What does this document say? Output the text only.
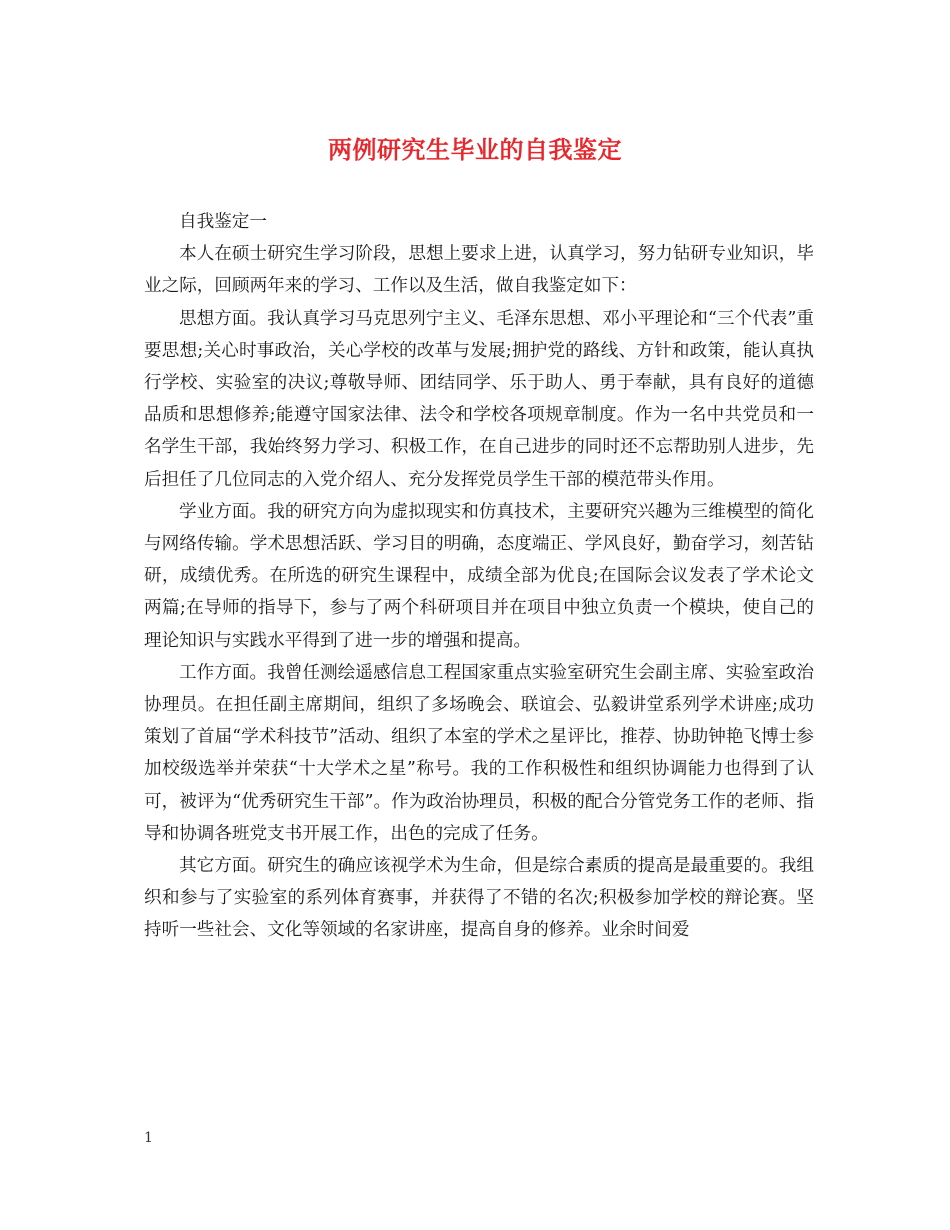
两例研究生毕业的自我鉴定

自我鉴定一

本人在硕士研究生学习阶段，思想上要求上进，认真学习，努力钻研专业知识，毕业之际，回顾两年来的学习、工作以及生活，做自我鉴定如下：

思想方面。我认真学习马克思列宁主义、毛泽东思想、邓小平理论和“三个代表”重要思想;关心时事政治，关心学校的改革与发展;拥护党的路线、方针和政策，能认真执行学校、实验室的决议;尊敬导师、团结同学、乐于助人、勇于奉献，具有良好的道德品质和思想修养;能遵守国家法律、法令和学校各项规章制度。作为一名中共党员和一名学生干部，我始终努力学习、积极工作，在自己进步的同时还不忘帮助别人进步，先后担任了几位同志的入党介绍人、充分发挥党员学生干部的模范带头作用。

学业方面。我的研究方向为虚拟现实和仿真技术，主要研究兴趣为三维模型的简化与网络传输。学术思想活跃、学习目的明确，态度端正、学风良好，勤奋学习，刻苦钻研，成绩优秀。在所选的研究生课程中，成绩全部为优良;在国际会议发表了学术论文两篇;在导师的指导下，参与了两个科研项目并在项目中独立负责一个模块，使自己的理论知识与实践水平得到了进一步的增强和提高。

工作方面。我曾任测绘遥感信息工程国家重点实验室研究生会副主席、实验室政治协理员。在担任副主席期间，组织了多场晚会、联谊会、弘毅讲堂系列学术讲座;成功策划了首届“学术科技节”活动、组织了本室的学术之星评比，推荐、协助钟艳飞博士参加校级选举并荣获“十大学术之星”称号。我的工作积极性和组织协调能力也得到了认可，被评为“优秀研究生干部”。作为政治协理员，积极的配合分管党务工作的老师、指导和协调各班党支书开展工作，出色的完成了任务。

其它方面。研究生的确应该视学术为生命，但是综合素质的提高是最重要的。我组织和参与了实验室的系列体育赛事，并获得了不错的名次;积极参加学校的辩论赛。坚持听一些社会、文化等领域的名家讲座，提高自身的修养。业余时间爱

1
